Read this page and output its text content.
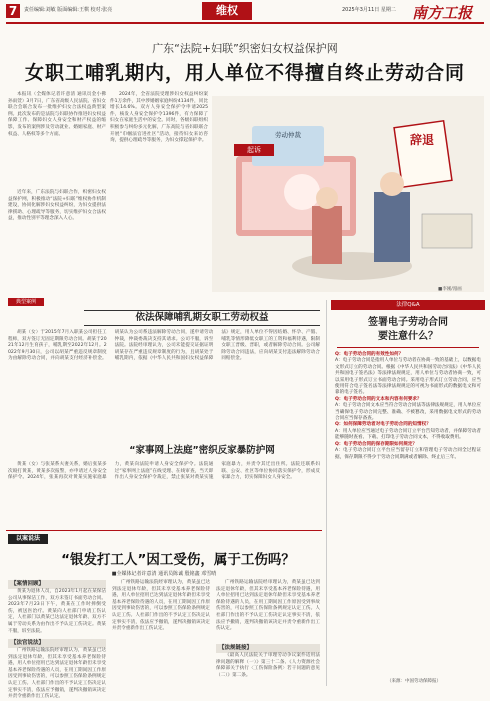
7	责任编辑:刘敏 版面编辑:王棋 校对:张亮	维权	2025年3月11日 星期二 南方工报
广东“法院+妇联”织密妇女权益保护网
女职工哺乳期内，用人单位不得擅自终止劳动合同
本报讯（全媒体记者许意清 通讯员金小佛 孙雨萱）3月7日，广东省高级人民法院、省妇女联合会联合发布一批维护妇女合法权益典型案例。此次发布的是法院与妇联协作推进妇女权益保障工作、保障妇女人身安全和财产权益的缩影，发布的案例涉及劳动就业、婚姻家庭、财产权益、人格权等多个方面。
近年来，广东法院与妇联合作，织密妇女权益保护网，积极推动“法院+妇联”维权协作机制建设，协同化解涉妇女权益纠纷，为妇女提供法律援助、心理疏导等服务，切实维护妇女合法权益，推动性别平等理念深入人心。
2024年，全省法院受理涉妇女权益纠纷案件1万余件，其中涉婚姻家庭纠纷4134件，同比增长14.6%。双方人身安全保护令申请2025件，核发人身安全保护令1396件，有力保障了妇女在家庭生活中的安全。同时，各级妇联组织积极参与纠纷多元化解，广东高院与省妇联联合开展“巾帼法官进社区”活动，接待妇女来访咨询，提供心理疏导等服务，为妇女撑起保护伞。	辞退
起诉
劳动仲裁
■李刚/漫画
典型案例
依法保障哺乳期女职工劳动权益
胡某（女）于2015年7月入职某公司担任工程师，双方签订无固定期限劳动合同。胡某于2021年12月生育孩子，哺乳期至2022年12月。2022年9月30日，公司以胡某严重违反规章制度为由解除劳动合同，并向胡某支付经济补偿金。胡某认为公司系违法解除劳动合同，遂申请劳动仲裁，仲裁委裁决支持其请求。公司不服，诉至法院。法院经审理认为，公司未能提交证据证明胡某存在严重违反规章制度的行为，且胡某处于哺乳期内，依据《中华人民共和国妇女权益保障法》规定，用人单位不得因结婚、怀孕、产假、哺乳等情形降低女职工的工资和福利待遇，限制女职工晋级、晋职，或者解除劳动合同。公司解除劳动合同违法，应向胡某支付违法解除劳动合同赔偿金。
“家事网上法庭”密织反家暴防护网
黄某（女）与张某系夫妻关系，婚后张某多次殴打黄某，黄某多次报警，亦申请过人身安全保护令。2024年，张某再次对黄某实施家庭暴力，黄某向法院申请人身安全保护令。法院通过“家事网上法庭”在线受理、在线审查，当天即作出人身安全保护令裁定，禁止张某对黄某实施家庭暴力，并责令其迁出住所。法院还联系妇联、公安、社区等单位协同落实保护令，形成反家暴合力，切实保障妇女人身安全。
法律Q&A
签署电子劳动合同
要注意什么？
Q：电子劳动合同的有效性如何？
A：电子劳动合同是指用人单位与劳动者在协商一致的基础上，以数据电文形式订立的劳动合同。根据《中华人民共和国劳动合同法》《中华人民共和国电子签名法》等法律法规规定，用人单位与劳动者协商一致，可以采用电子形式订立书面劳动合同。采用电子形式订立劳动合同，应当使用符合电子签名法等法律法规规定的可视为书面形式的数据电文和可靠的电子签名。
Q：电子劳动合同的文本和内容有何要求？
A：电子劳动合同文本应当符合劳动合同法等法律法规规定，用人单位应当确保电子劳动合同完整、准确、不被篡改，采用数据电文形式的劳动合同应当保存备查。
Q：如何保障劳动者对电子劳动合同的知情权？
A：用人单位应当通过电子劳动合同订立平台告知劳动者，并保障劳动者能够随时查看、下载、打印电子劳动合同文本，不得收取费用。
Q：电子劳动合同的保存期限如何规定？
A：电子劳动合同订立平台应当留存订立和管理电子劳动合同全过程证据，保存期限不得少于劳动合同期满或者解除、终止后三年。
（来源：中国劳动保障报）
以案说法
“银发打工人”因工受伤，属于工伤吗？
■全媒体记者许意清 通讯员陈诚 殷铭鑫 邓雪晴
【案情回顾】
黄某为退休人员，自2023年1月起在某保洁公司从事保洁工作，双方未签订书面劳动合同。2023年7月23日下午，黄某在工作时摔倒受伤，被送医治疗。黄某向人社部门申请工伤认定，人社部门以黄某已达法定退休年龄、双方不属于劳动关系为由作出不予认定工伤决定。黄某不服，诉至法院。
【法官说法】
广州铁路运输法院经审理认为，黄某虽已达到法定退休年龄，但其未享受基本养老保险待遇，用人单位招用已达到法定退休年龄但未享受基本养老保险待遇的人员，在用工期间因工作原因受到事故伤害的，可以参照工伤保险条例规定认定工伤。人社部门作出的不予认定工伤决定认定事实不清，依法应予撤销，遂判决撤销该决定并责令重新作出工伤认定。
广州铁路运输法院经审理认为，黄某虽已达到法定退休年龄，但其未享受基本养老保险待遇，用人单位招用已达到法定退休年龄但未享受基本养老保险待遇的人员，在用工期间因工作原因受到事故伤害的，可以参照工伤保险条例规定认定工伤。人社部门作出的不予认定工伤决定认定事实不清，依法应予撤销，遂判决撤销该决定并责令重新作出工伤认定。
广州铁路运输法院经审理认为，黄某虽已达到法定退休年龄，但其未享受基本养老保险待遇，用人单位招用已达到法定退休年龄但未享受基本养老保险待遇的人员，在用工期间因工作原因受到事故伤害的，可以参照工伤保险条例规定认定工伤。人社部门作出的不予认定工伤决定认定事实不清，依法应予撤销，遂判决撤销该决定并责令重新作出工伤认定。
【法规链接】
《最高人民法院关于审理劳动争议案件适用法律问题的解释（一）》第三十二条、《人力资源社会保障部关于执行〈工伤保险条例〉若干问题的意见（二）》第二条。
